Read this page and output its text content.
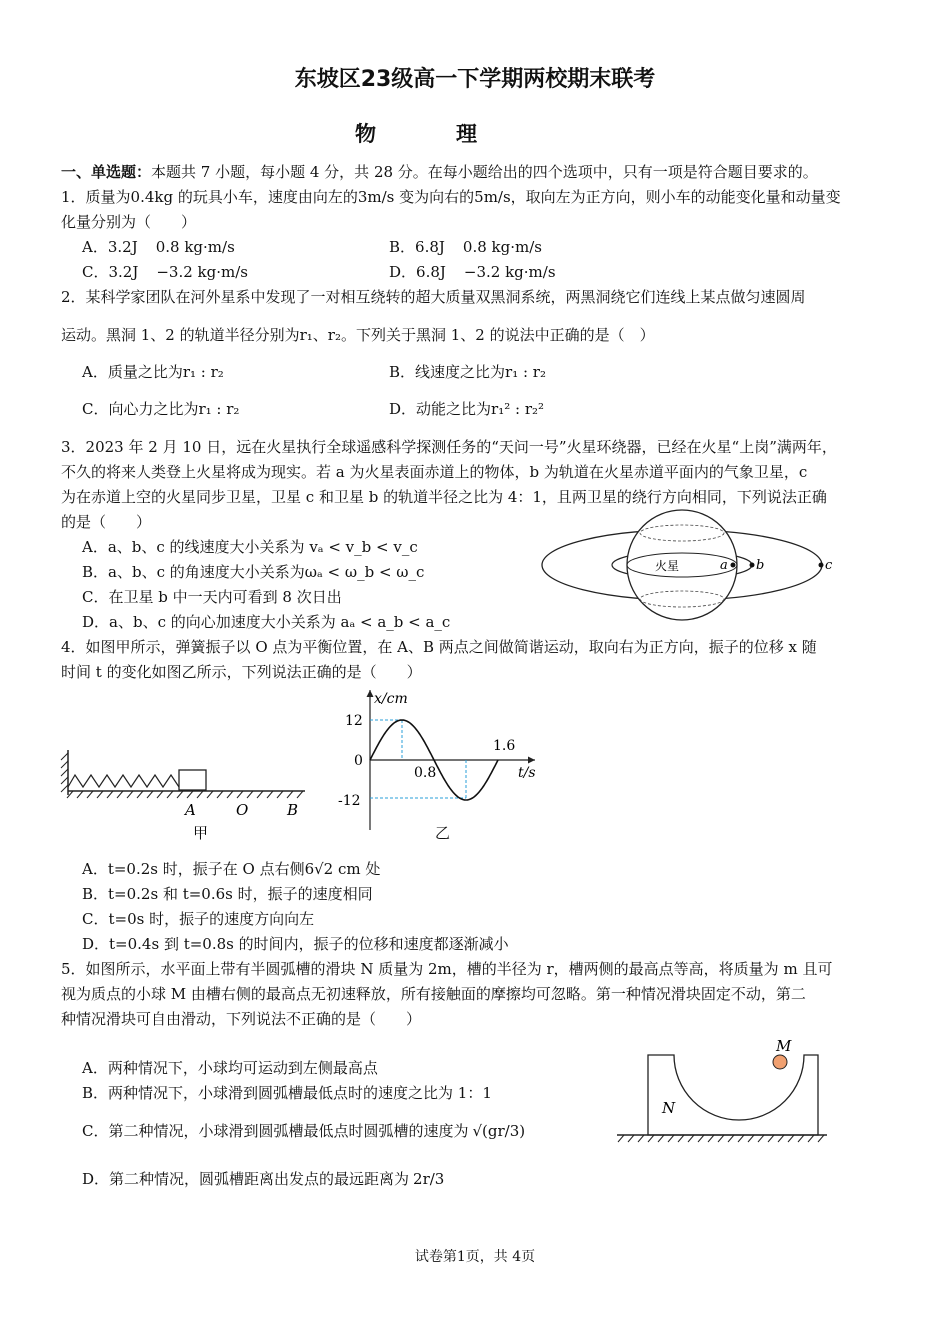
东坡区23级高一下学期两校期末联考
物	理
一、单选题：本题共 7 小题，每小题 4 分，共 28 分。在每小题给出的四个选项中，只有一项是符合题目要求的。
1．质量为0.4kg 的玩具小车，速度由向左的3m/s 变为向右的5m/s，取向左为正方向，则小车的动能变化量和动量变
化量分别为（　　）
A．3.2J 0.8 kg·m/s	B．6.8J 0.8 kg·m/s
C．3.2J −3.2 kg·m/s	D．6.8J −3.2 kg·m/s
2．某科学家团队在河外星系中发现了一对相互绕转的超大质量双黑洞系统，两黑洞绕它们连线上某点做匀速圆周
运动。黑洞 1、2 的轨道半径分别为r₁、r₂。下列关于黑洞 1、2 的说法中正确的是（　）
A．质量之比为r₁ : r₂	B．线速度之比为r₁ : r₂
C．向心力之比为r₁ : r₂	D．动能之比为r₁² : r₂²
3．2023 年 2 月 10 日，远在火星执行全球遥感科学探测任务的“天问一号”火星环绕器，已经在火星“上岗”满两年，
不久的将来人类登上火星将成为现实。若 a 为火星表面赤道上的物体，b 为轨道在火星赤道平面内的气象卫星，c
为在赤道上空的火星同步卫星，卫星 c 和卫星 b 的轨道半径之比为 4：1，且两卫星的绕行方向相同，下列说法正确
的是（　　）
A．a、b、c 的线速度大小关系为 vₐ < v_b < v_c
B．a、b、c 的角速度大小关系为ωₐ < ω_b < ω_c
C．在卫星 b 中一天内可看到 8 次日出
D．a、b、c 的向心加速度大小关系为 aₐ < a_b < a_c
火星	a b	c
4．如图甲所示，弹簧振子以 O 点为平衡位置，在 A、B 两点之间做简谐运动，取向右为正方向，振子的位移 x 随
时间 t 的变化如图乙所示，下列说法正确的是（　　）
A	O	B
甲
x/cm
t/s
12
0
-12
0.8
1.6
乙
A．t=0.2s 时，振子在 O 点右侧6√2 cm 处
B．t=0.2s 和 t=0.6s 时，振子的速度相同
C．t=0s 时，振子的速度方向向左
D．t=0.4s 到 t=0.8s 的时间内，振子的位移和速度都逐渐减小
5．如图所示，水平面上带有半圆弧槽的滑块 N 质量为 2m，槽的半径为 r，槽两侧的最高点等高，将质量为 m 且可
视为质点的小球 M 由槽右侧的最高点无初速释放，所有接触面的摩擦均可忽略。第一种情况滑块固定不动，第二
种情况滑块可自由滑动，下列说法不正确的是（　　）
A．两种情况下，小球均可运动到左侧最高点
B．两种情况下，小球滑到圆弧槽最低点时的速度之比为 1：1
C．第二种情况，小球滑到圆弧槽最低点时圆弧槽的速度为 √(gr/3)
D．第二种情况，圆弧槽距离出发点的最远距离为 2r/3
M
N
试卷第1页，共 4页
